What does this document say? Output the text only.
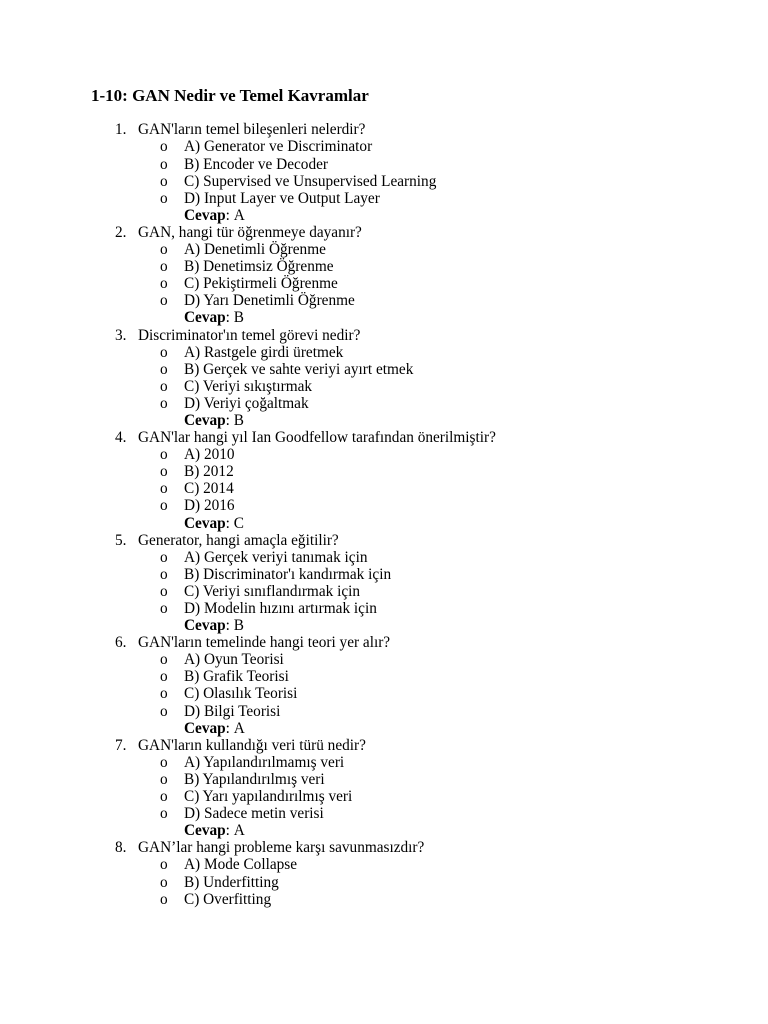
1-10: GAN Nedir ve Temel Kavramlar
1. GAN'ların temel bileşenleri nelerdir?
o A) Generator ve Discriminator
o B) Encoder ve Decoder
o C) Supervised ve Unsupervised Learning
o D) Input Layer ve Output Layer
Cevap: A
2. GAN, hangi tür öğrenmeye dayanır?
o A) Denetimli Öğrenme
o B) Denetimsiz Öğrenme
o C) Pekiştirmeli Öğrenme
o D) Yarı Denetimli Öğrenme
Cevap: B
3. Discriminator'ın temel görevi nedir?
o A) Rastgele girdi üretmek
o B) Gerçek ve sahte veriyi ayırt etmek
o C) Veriyi sıkıştırmak
o D) Veriyi çoğaltmak
Cevap: B
4. GAN'lar hangi yıl Ian Goodfellow tarafından önerilmiştir?
o A) 2010
o B) 2012
o C) 2014
o D) 2016
Cevap: C
5. Generator, hangi amaçla eğitilir?
o A) Gerçek veriyi tanımak için
o B) Discriminator'ı kandırmak için
o C) Veriyi sınıflandırmak için
o D) Modelin hızını artırmak için
Cevap: B
6. GAN'ların temelinde hangi teori yer alır?
o A) Oyun Teorisi
o B) Grafik Teorisi
o C) Olasılık Teorisi
o D) Bilgi Teorisi
Cevap: A
7. GAN'ların kullandığı veri türü nedir?
o A) Yapılandırılmamış veri
o B) Yapılandırılmış veri
o C) Yarı yapılandırılmış veri
o D) Sadece metin verisi
Cevap: A
8. GAN’lar hangi probleme karşı savunmasızdır?
o A) Mode Collapse
o B) Underfitting
o C) Overfitting
